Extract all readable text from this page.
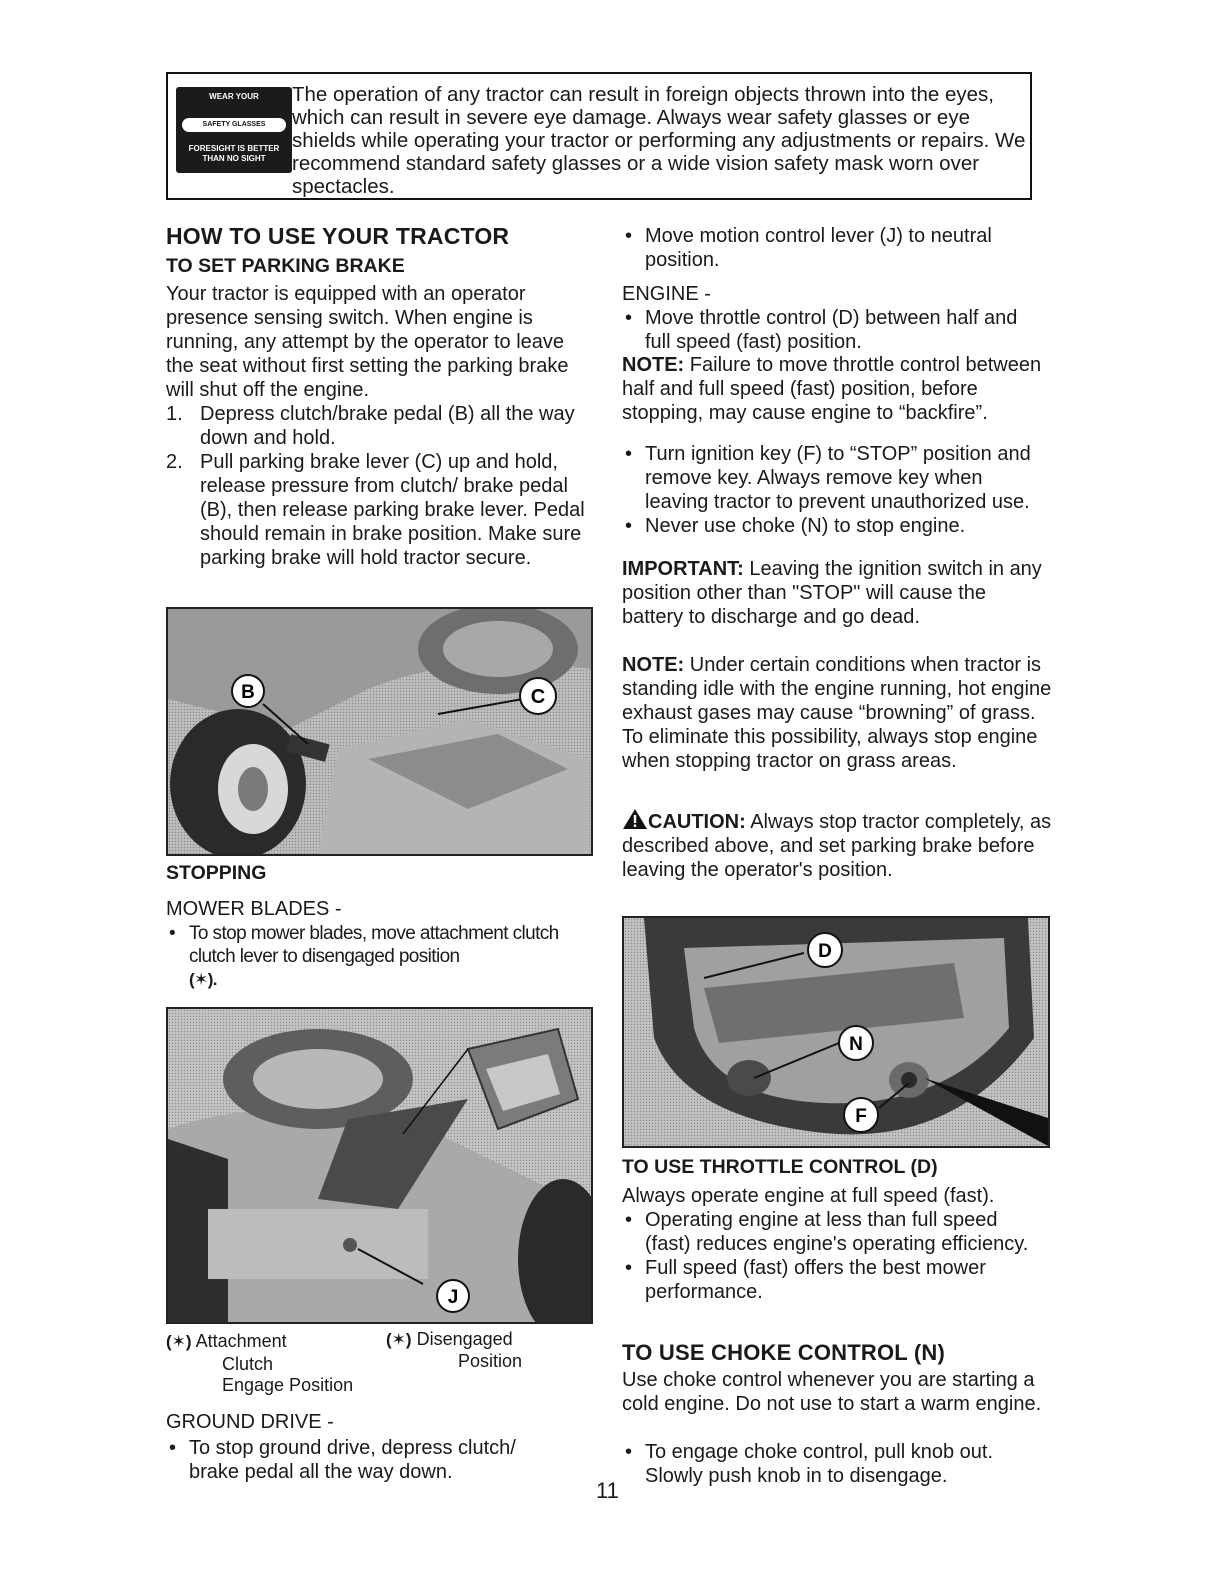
WEAR YOUR
SAFETY GLASSES
FORESIGHT IS BETTER
THAN NO SIGHT
The operation of any tractor can result in foreign objects thrown into the eyes, which can result in severe eye damage. Always wear safety glasses or eye shields while operating your tractor or performing any adjustments or repairs. We recommend standard safety glasses or a wide vision safety mask worn over spectacles.
HOW TO USE YOUR TRACTOR
TO SET PARKING BRAKE
Your tractor is equipped with an operator presence sensing switch. When engine is running, any attempt by the operator to leave the seat without first setting the parking brake will shut off the engine.
1. Depress clutch/brake pedal (B) all the way down and hold.
2. Pull parking brake lever (C) up and hold, release pressure from clutch/ brake pedal (B), then release parking brake lever. Pedal should remain in brake position. Make sure parking brake will hold tractor secure.
B	C
STOPPING
MOWER BLADES -
• To stop mower blades, move attachment clutch clutch lever to disengaged position
(✶).
J
(✶) Attachment
Clutch
Engage Position
(✶) Disengaged
Position
GROUND DRIVE -
• To stop ground drive, depress clutch/ brake pedal all the way down.
• Move motion control lever (J) to neutral position.
ENGINE -
• Move throttle control (D) between half and full speed (fast) position.
NOTE: Failure to move throttle control between half and full speed (fast) position, before stopping, may cause engine to “backfire”.
• Turn ignition key (F) to “STOP” position and remove key. Always remove key when leaving tractor to prevent unauthorized use.
• Never use choke (N) to stop engine.
IMPORTANT: Leaving the ignition switch in any position other than "STOP" will cause the battery to discharge and go dead.
NOTE: Under certain conditions when tractor is standing idle with the engine running, hot engine exhaust gases may cause “browning” of grass. To eliminate this possibility, always stop engine when stopping tractor on grass areas.
CAUTION: Always stop tractor completely, as described above, and set parking brake before leaving the operator's position.
D
N
F
TO USE THROTTLE CONTROL (D)
Always operate engine at full speed (fast).
• Operating engine at less than full speed (fast) reduces engine's operating efficiency.
• Full speed (fast) offers the best mower performance.
TO USE CHOKE CONTROL (N)
Use choke control whenever you are starting a cold engine. Do not use to start a warm engine.
• To engage choke control, pull knob out. Slowly push knob in to disengage.
11
